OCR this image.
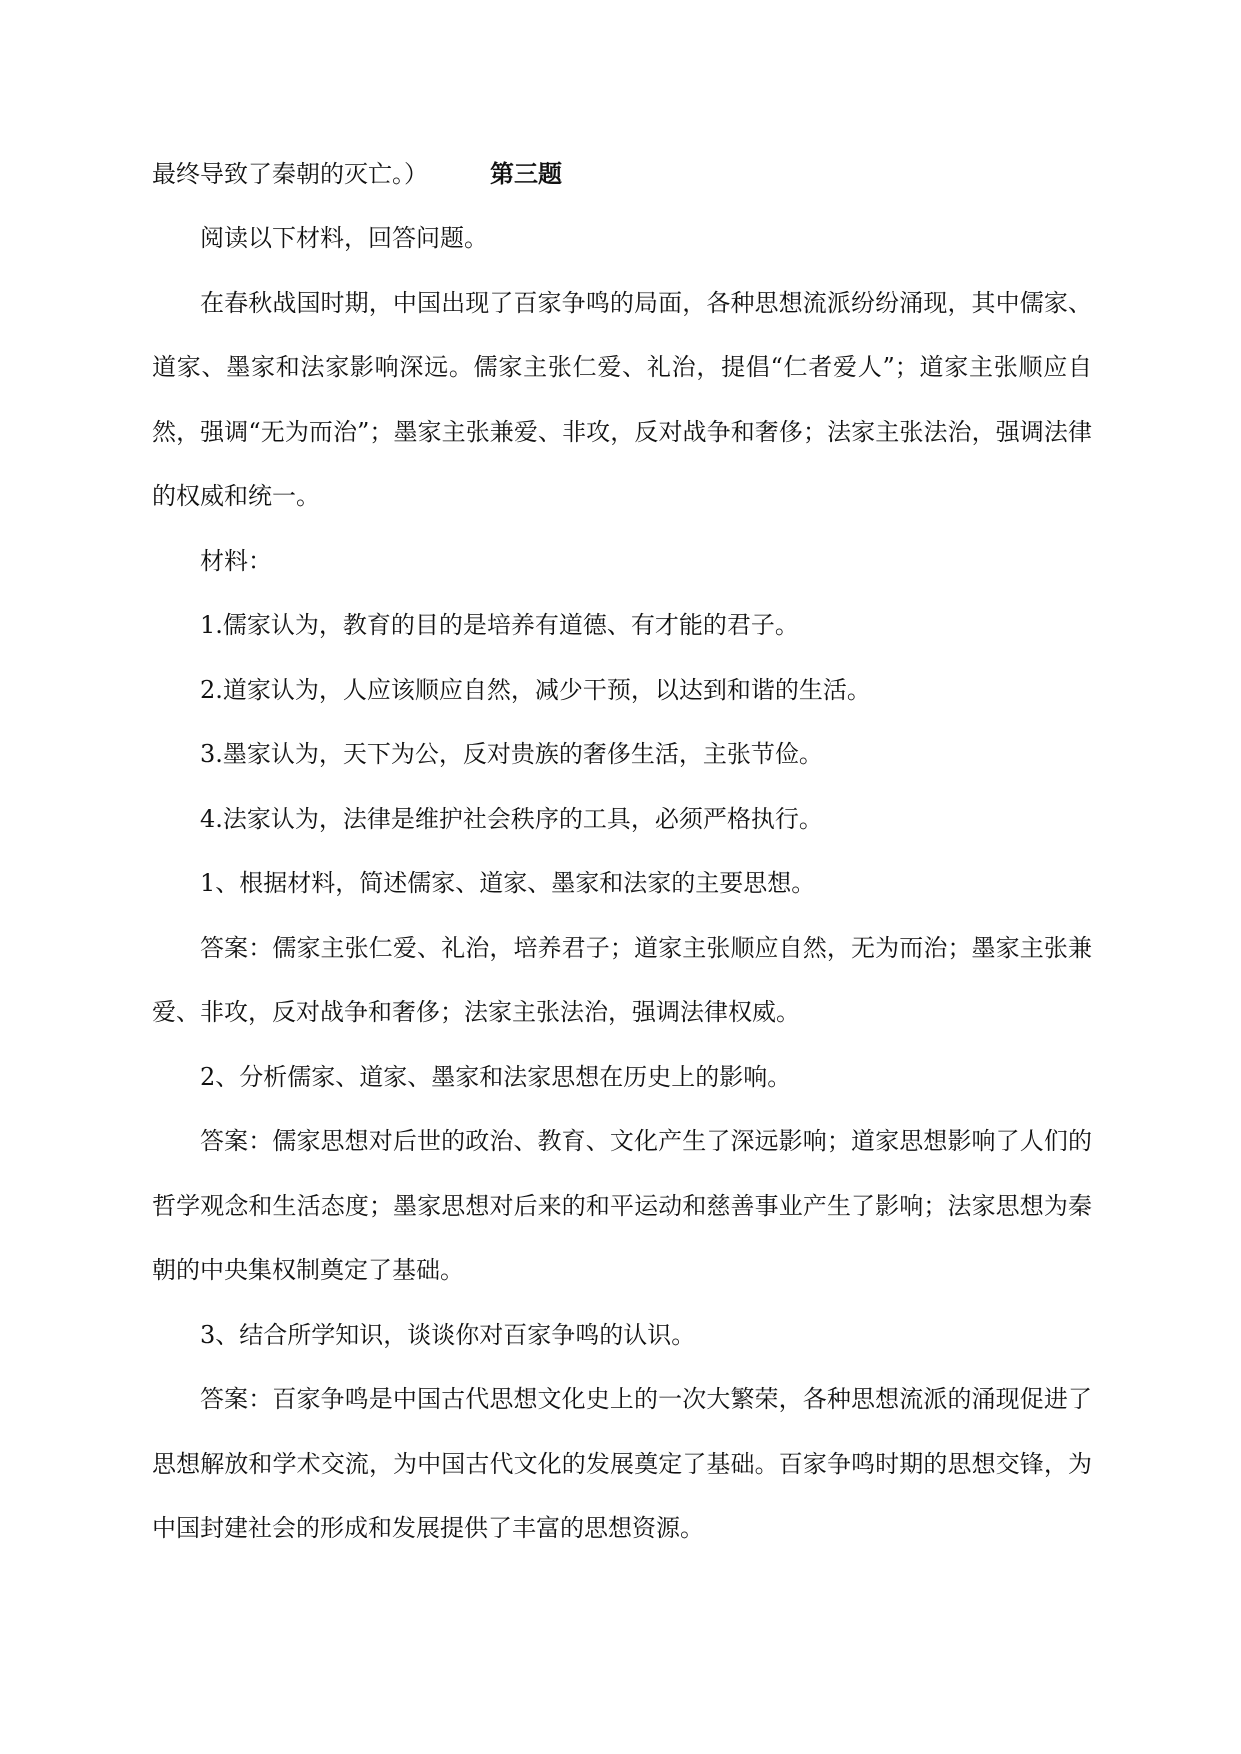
最终导致了秦朝的灭亡。）	第三题

阅读以下材料，回答问题。

在春秋战国时期，中国出现了百家争鸣的局面，各种思想流派纷纷涌现，其中儒家、道家、墨家和法家影响深远。儒家主张仁爱、礼治，提倡“仁者爱人”；道家主张顺应自然，强调“无为而治”；墨家主张兼爱、非攻，反对战争和奢侈；法家主张法治，强调法律的权威和统一。

材料：

1.儒家认为，教育的目的是培养有道德、有才能的君子。

2.道家认为，人应该顺应自然，减少干预，以达到和谐的生活。

3.墨家认为，天下为公，反对贵族的奢侈生活，主张节俭。

4.法家认为，法律是维护社会秩序的工具，必须严格执行。

1、根据材料，简述儒家、道家、墨家和法家的主要思想。

答案：儒家主张仁爱、礼治，培养君子；道家主张顺应自然，无为而治；墨家主张兼爱、非攻，反对战争和奢侈；法家主张法治，强调法律权威。

2、分析儒家、道家、墨家和法家思想在历史上的影响。

答案：儒家思想对后世的政治、教育、文化产生了深远影响；道家思想影响了人们的哲学观念和生活态度；墨家思想对后来的和平运动和慈善事业产生了影响；法家思想为秦朝的中央集权制奠定了基础。

3、结合所学知识，谈谈你对百家争鸣的认识。

答案：百家争鸣是中国古代思想文化史上的一次大繁荣，各种思想流派的涌现促进了思想解放和学术交流，为中国古代文化的发展奠定了基础。百家争鸣时期的思想交锋，为中国封建社会的形成和发展提供了丰富的思想资源。
